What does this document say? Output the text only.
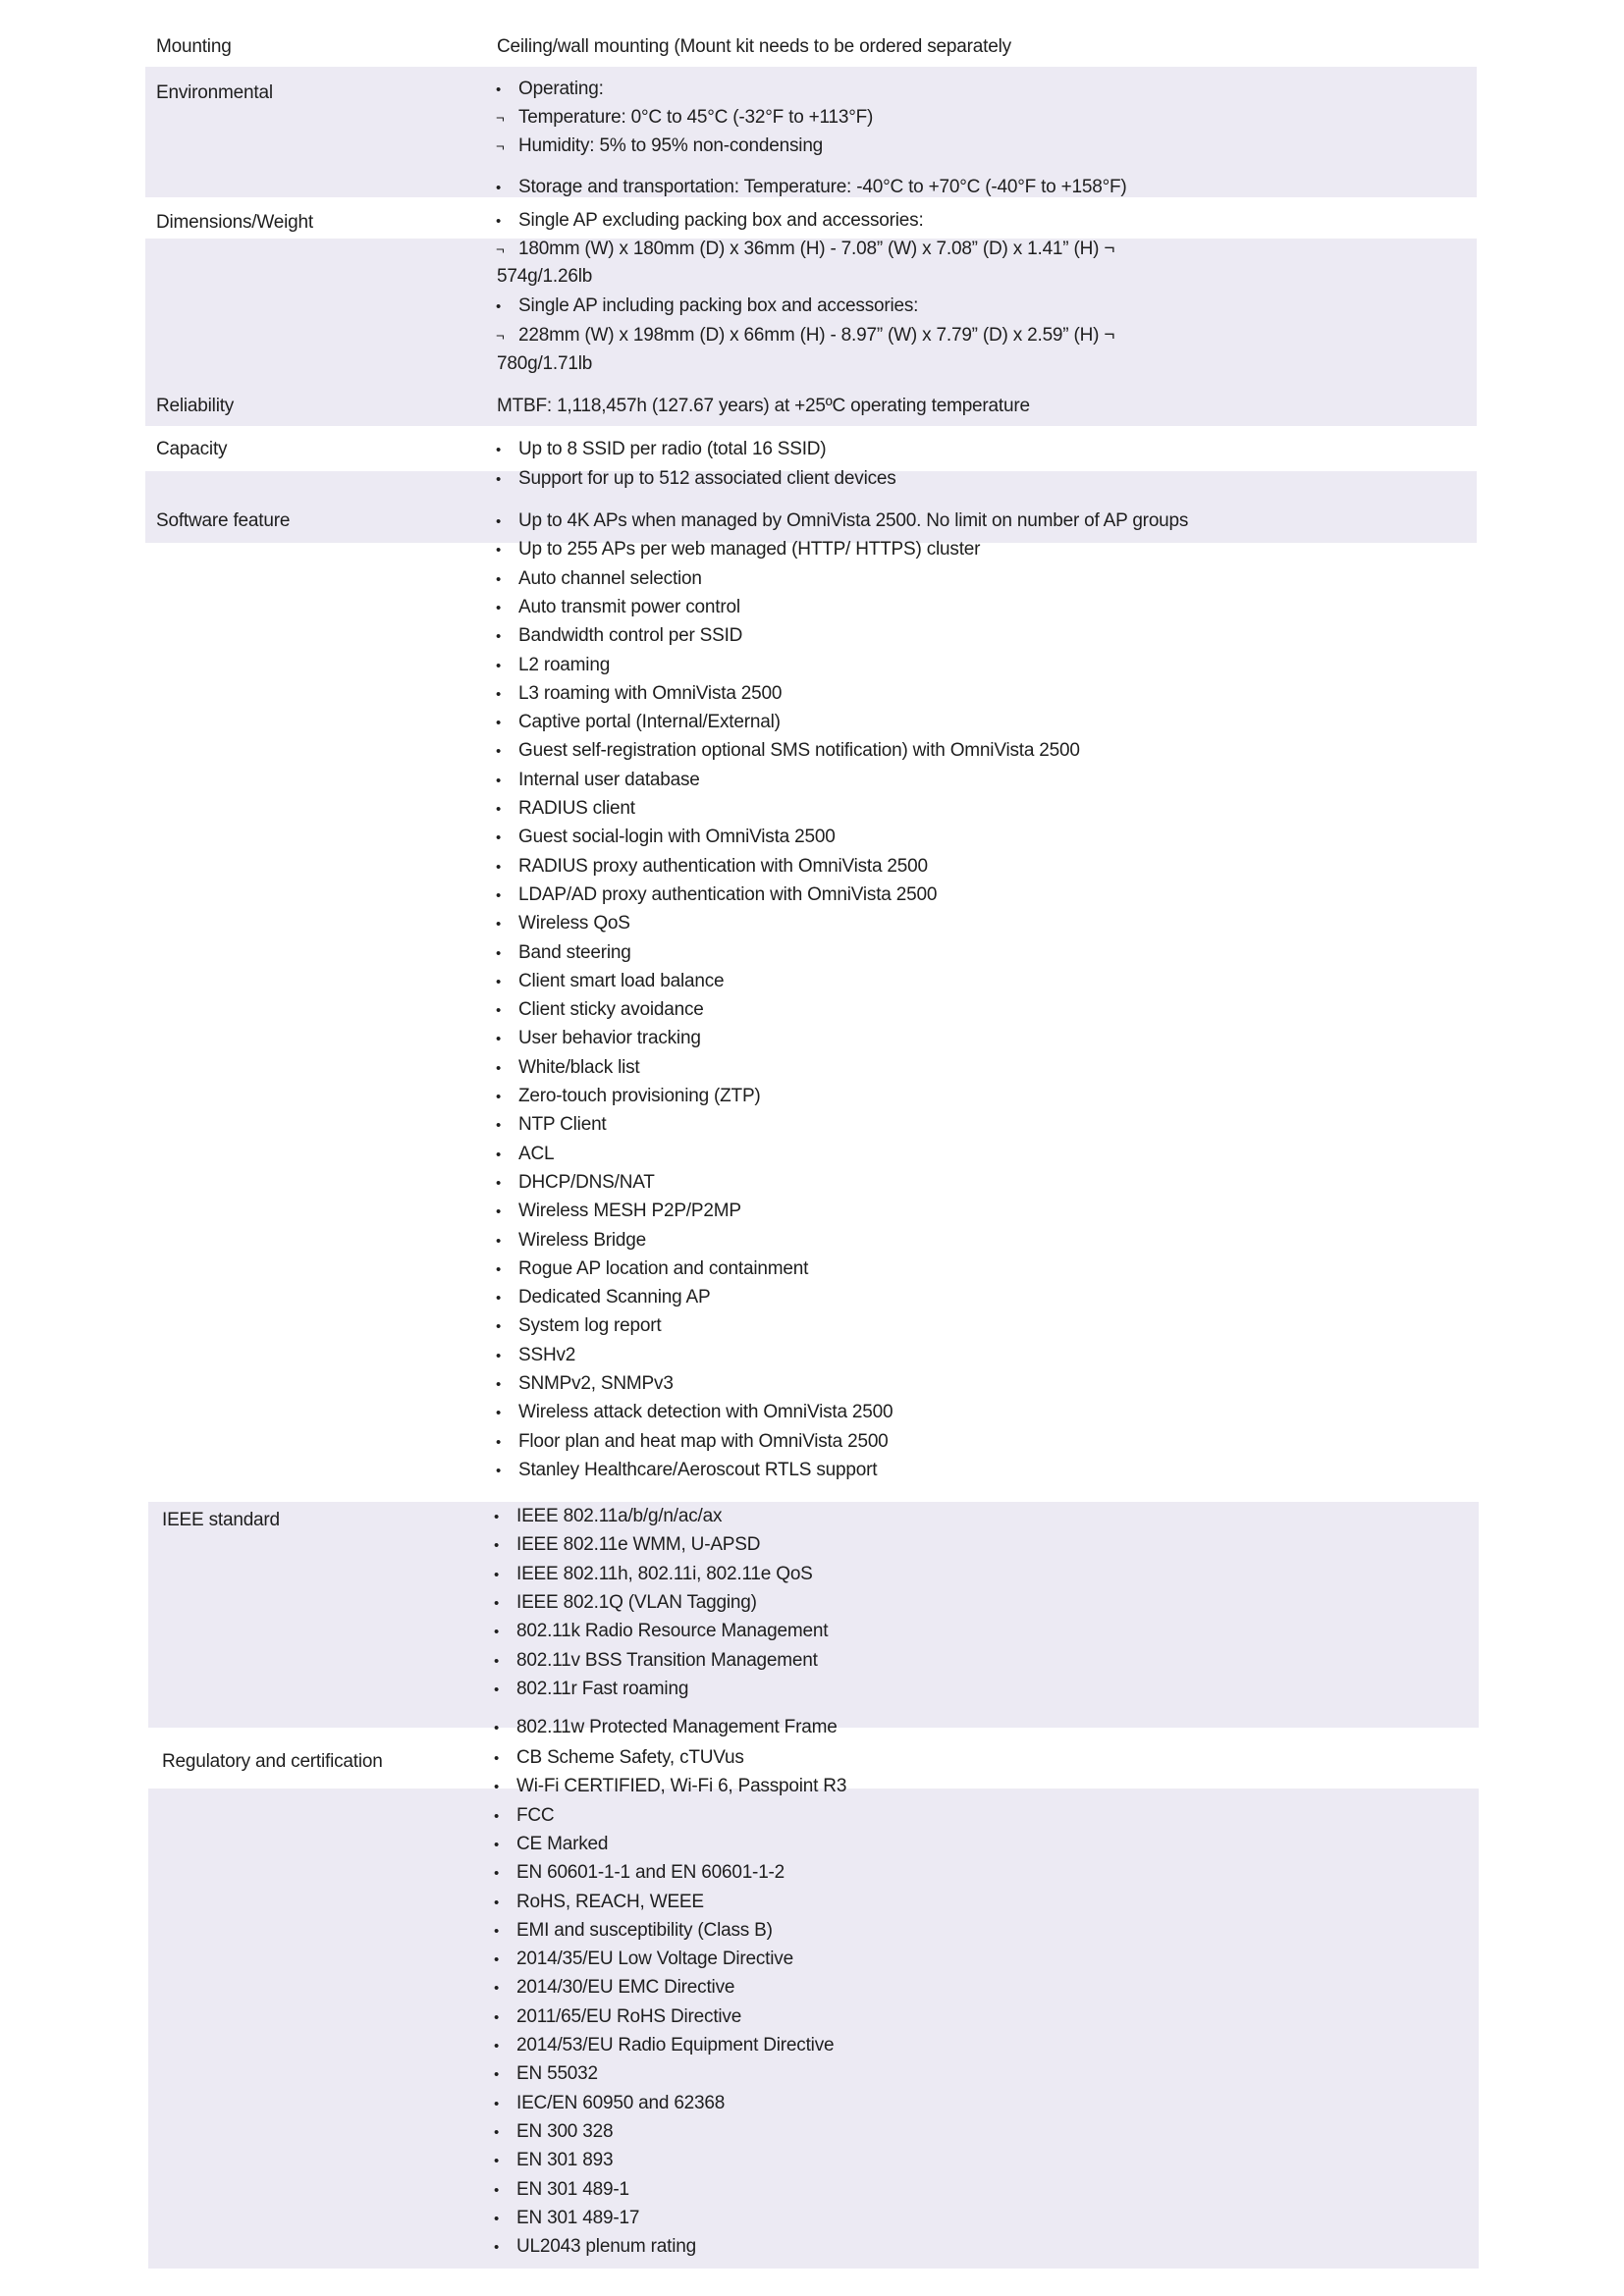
Mounting	Ceiling/wall mounting (Mount kit needs to be ordered separately
Environmental	• Operating:
¬ Temperature: 0°C to 45°C (-32°F to +113°F)
¬ Humidity: 5% to 95% non-condensing
• Storage and transportation: Temperature: -40°C to +70°C (-40°F to +158°F)
Dimensions/Weight	• Single AP excluding packing box and accessories:
¬ 180mm (W) x 180mm (D) x 36mm (H) - 7.08” (W) x 7.08” (D) x 1.41” (H) ¬
574g/1.26lb
• Single AP including packing box and accessories:
¬ 228mm (W) x 198mm (D) x 66mm (H) - 8.97” (W) x 7.79” (D) x 2.59” (H) ¬
780g/1.71lb
Reliability	MTBF: 1,118,457h (127.67 years) at +25ºC operating temperature
Capacity	• Up to 8 SSID per radio (total 16 SSID)
• Support for up to 512 associated client devices
Software feature	• Up to 4K APs when managed by OmniVista 2500. No limit on number of AP groups
• Up to 255 APs per web managed (HTTP/ HTTPS) cluster
• Auto channel selection
• Auto transmit power control
• Bandwidth control per SSID
• L2 roaming
• L3 roaming with OmniVista 2500
• Captive portal (Internal/External)
• Guest self-registration optional SMS notification) with OmniVista 2500
• Internal user database
• RADIUS client
• Guest social-login with OmniVista 2500
• RADIUS proxy authentication with OmniVista 2500
• LDAP/AD proxy authentication with OmniVista 2500
• Wireless QoS
• Band steering
• Client smart load balance
• Client sticky avoidance
• User behavior tracking
• White/black list
• Zero-touch provisioning (ZTP)
• NTP Client
• ACL
• DHCP/DNS/NAT
• Wireless MESH P2P/P2MP
• Wireless Bridge
• Rogue AP location and containment
• Dedicated Scanning AP
• System log report
• SSHv2
• SNMPv2, SNMPv3
• Wireless attack detection with OmniVista 2500
• Floor plan and heat map with OmniVista 2500
• Stanley Healthcare/Aeroscout RTLS support
IEEE standard	• IEEE 802.11a/b/g/n/ac/ax
• IEEE 802.11e WMM, U-APSD
• IEEE 802.11h, 802.11i, 802.11e QoS
• IEEE 802.1Q (VLAN Tagging)
• 802.11k Radio Resource Management
• 802.11v BSS Transition Management
• 802.11r Fast roaming
• 802.11w Protected Management Frame
Regulatory and certification	• CB Scheme Safety, cTUVus
• Wi-Fi CERTIFIED, Wi-Fi 6, Passpoint R3
• FCC
• CE Marked
• EN 60601-1-1 and EN 60601-1-2
• RoHS, REACH, WEEE
• EMI and susceptibility (Class B)
• 2014/35/EU Low Voltage Directive
• 2014/30/EU EMC Directive
• 2011/65/EU RoHS Directive
• 2014/53/EU Radio Equipment Directive
• EN 55032
• IEC/EN 60950 and 62368
• EN 300 328
• EN 301 893
• EN 301 489-1
• EN 301 489-17
• UL2043 plenum rating
